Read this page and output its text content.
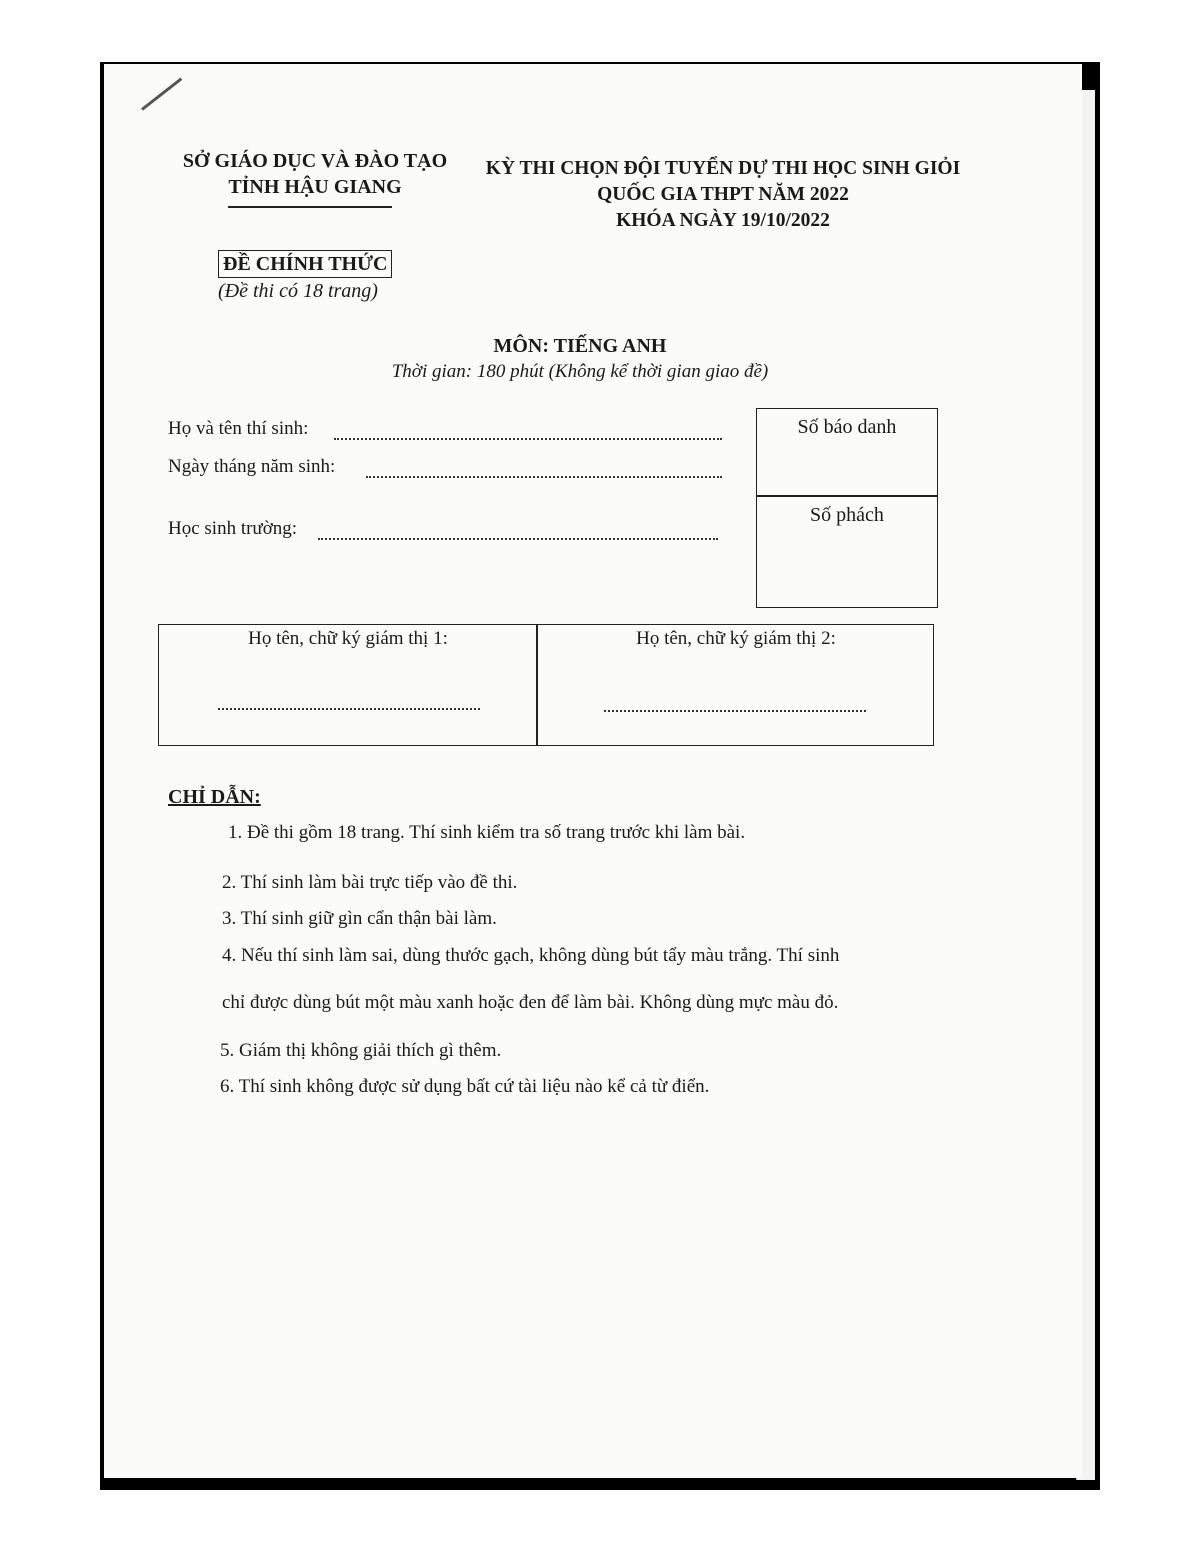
SỞ GIÁO DỤC VÀ ĐÀO TẠO
TỈNH HẬU GIANG
KỲ THI CHỌN ĐỘI TUYỂN DỰ THI HỌC SINH GIỎI
QUỐC GIA THPT NĂM 2022
KHÓA NGÀY 19/10/2022
ĐỀ CHÍNH THỨC
(Đề thi có 18 trang)
MÔN: TIẾNG ANH
Thời gian: 180 phút (Không kể thời gian giao đề)
Họ và tên thí sinh:
Ngày tháng năm sinh:
Học sinh trường:
Số báo danh
Số phách
Họ tên, chữ ký giám thị 1:	Họ tên, chữ ký giám thị 2:
CHỈ DẪN:
1. Đề thi gồm 18 trang. Thí sinh kiểm tra số trang trước khi làm bài.
2. Thí sinh làm bài trực tiếp vào đề thi.
3. Thí sinh giữ gìn cẩn thận bài làm.
4. Nếu thí sinh làm sai, dùng thước gạch, không dùng bút tẩy màu trắng. Thí sinh
chỉ được dùng bút một màu xanh hoặc đen để làm bài. Không dùng mực màu đỏ.
5. Giám thị không giải thích gì thêm.
6. Thí sinh không được sử dụng bất cứ tài liệu nào kể cả từ điển.
